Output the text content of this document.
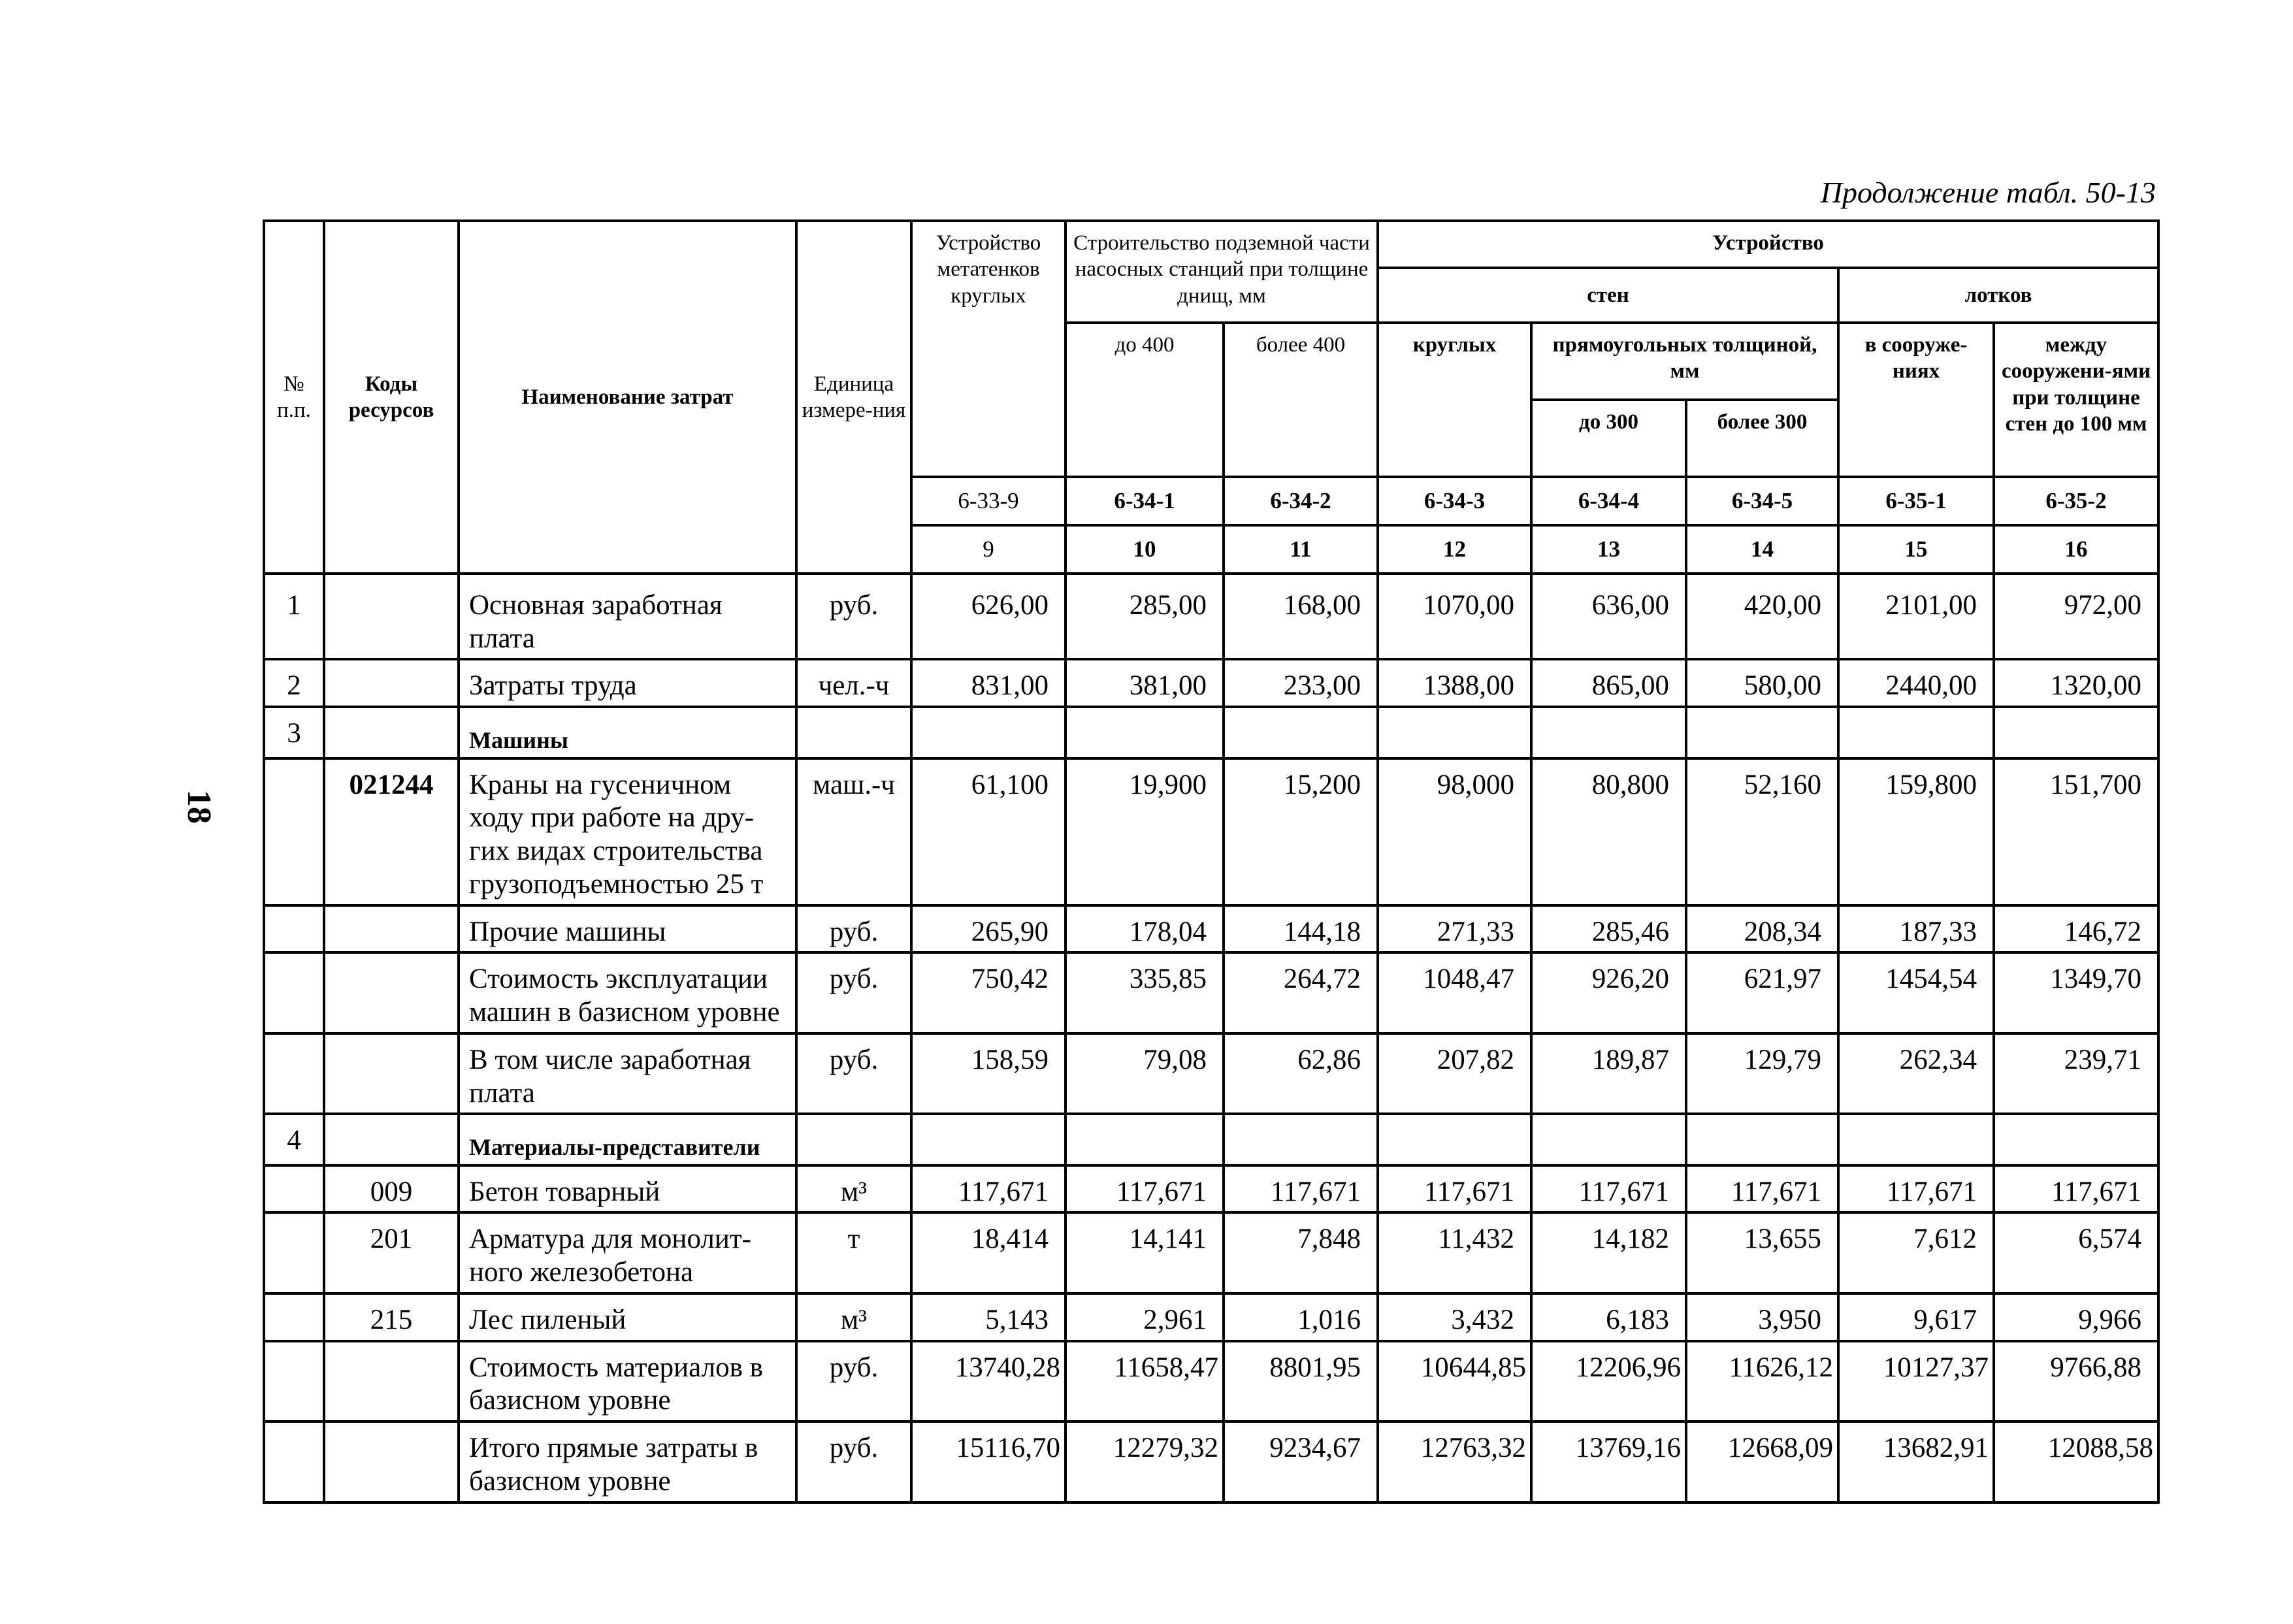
Продолжение табл. 50-13
18
№ п.п.	Коды ресурсов	Наименование затрат	Единица измере-ния	Устройство метатенков круглых	Строительство подземной части насосных станций при толщине днищ, мм		Устройство				
							стен			лотков	
					до 400	более 400	круглых	прямоугольных толщиной, мм		в сооруже-ниях	между сооружени-ями при толщине стен до 100 мм
								до 300	более 300		
				6-33-9	6-34-1	6-34-2	6-34-3	6-34-4	6-34-5	6-35-1	6-35-2
				9	10	11	12	13	14	15	16
1		Основная заработная плата	руб.	626,00	285,00	168,00	1070,00	636,00	420,00	2101,00	972,00
2		Затраты труда	чел.-ч	831,00	381,00	233,00	1388,00	865,00	580,00	2440,00	1320,00
3		Машины									
	021244	Краны на гусеничном ходу при работе на дру-гих видах строительства грузоподъемностью 25 т	маш.-ч	61,100	19,900	15,200	98,000	80,800	52,160	159,800	151,700
		Прочие машины	руб.	265,90	178,04	144,18	271,33	285,46	208,34	187,33	146,72
		Стоимость эксплуатации машин в базисном уровне	руб.	750,42	335,85	264,72	1048,47	926,20	621,97	1454,54	1349,70
		В том числе заработная плата	руб.	158,59	79,08	62,86	207,82	189,87	129,79	262,34	239,71
4		Материалы-представители									
	009	Бетон товарный	м³	117,671	117,671	117,671	117,671	117,671	117,671	117,671	117,671
	201	Арматура для монолит-ного железобетона	т	18,414	14,141	7,848	11,432	14,182	13,655	7,612	6,574
	215	Лес пиленый	м³	5,143	2,961	1,016	3,432	6,183	3,950	9,617	9,966
		Стоимость материалов в базисном уровне	руб.	13740,28	11658,47	8801,95	10644,85	12206,96	11626,12	10127,37	9766,88
		Итого прямые затраты в базисном уровне	руб.	15116,70	12279,32	9234,67	12763,32	13769,16	12668,09	13682,91	12088,58
